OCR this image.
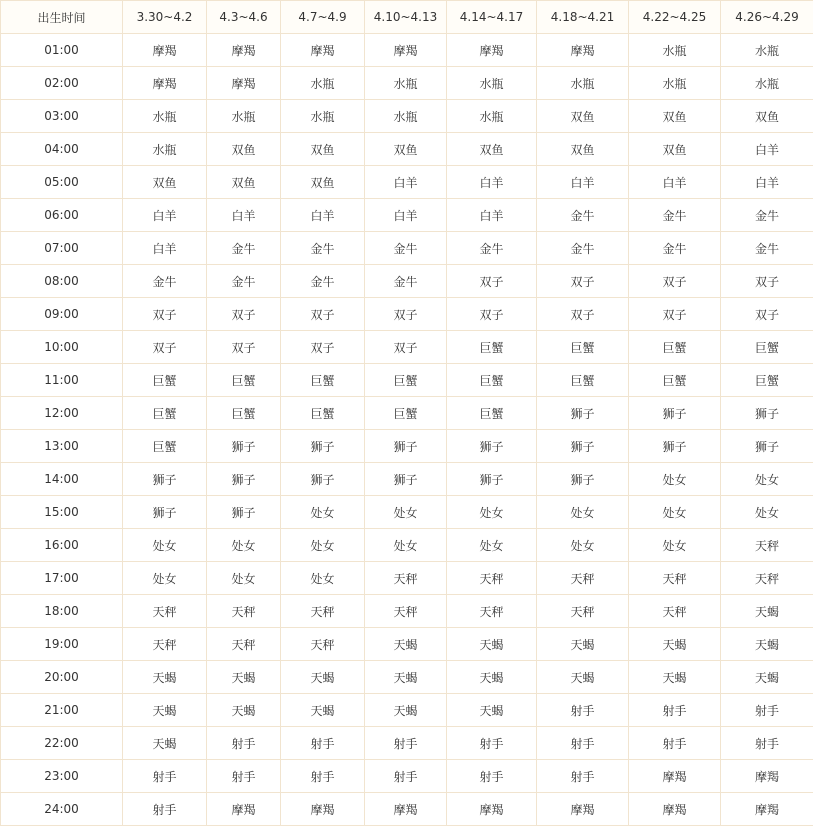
出生时间	3.30~4.2	4.3~4.6	4.7~4.9	4.10~4.13	4.14~4.17	4.18~4.21	4.22~4.25	4.26~4.29
01:00	摩羯	摩羯	摩羯	摩羯	摩羯	摩羯	水瓶	水瓶
02:00	摩羯	摩羯	水瓶	水瓶	水瓶	水瓶	水瓶	水瓶
03:00	水瓶	水瓶	水瓶	水瓶	水瓶	双鱼	双鱼	双鱼
04:00	水瓶	双鱼	双鱼	双鱼	双鱼	双鱼	双鱼	白羊
05:00	双鱼	双鱼	双鱼	白羊	白羊	白羊	白羊	白羊
06:00	白羊	白羊	白羊	白羊	白羊	金牛	金牛	金牛
07:00	白羊	金牛	金牛	金牛	金牛	金牛	金牛	金牛
08:00	金牛	金牛	金牛	金牛	双子	双子	双子	双子
09:00	双子	双子	双子	双子	双子	双子	双子	双子
10:00	双子	双子	双子	双子	巨蟹	巨蟹	巨蟹	巨蟹
11:00	巨蟹	巨蟹	巨蟹	巨蟹	巨蟹	巨蟹	巨蟹	巨蟹
12:00	巨蟹	巨蟹	巨蟹	巨蟹	巨蟹	狮子	狮子	狮子
13:00	巨蟹	狮子	狮子	狮子	狮子	狮子	狮子	狮子
14:00	狮子	狮子	狮子	狮子	狮子	狮子	处女	处女
15:00	狮子	狮子	处女	处女	处女	处女	处女	处女
16:00	处女	处女	处女	处女	处女	处女	处女	天秤
17:00	处女	处女	处女	天秤	天秤	天秤	天秤	天秤
18:00	天秤	天秤	天秤	天秤	天秤	天秤	天秤	天蝎
19:00	天秤	天秤	天秤	天蝎	天蝎	天蝎	天蝎	天蝎
20:00	天蝎	天蝎	天蝎	天蝎	天蝎	天蝎	天蝎	天蝎
21:00	天蝎	天蝎	天蝎	天蝎	天蝎	射手	射手	射手
22:00	天蝎	射手	射手	射手	射手	射手	射手	射手
23:00	射手	射手	射手	射手	射手	射手	摩羯	摩羯
24:00	射手	摩羯	摩羯	摩羯	摩羯	摩羯	摩羯	摩羯
